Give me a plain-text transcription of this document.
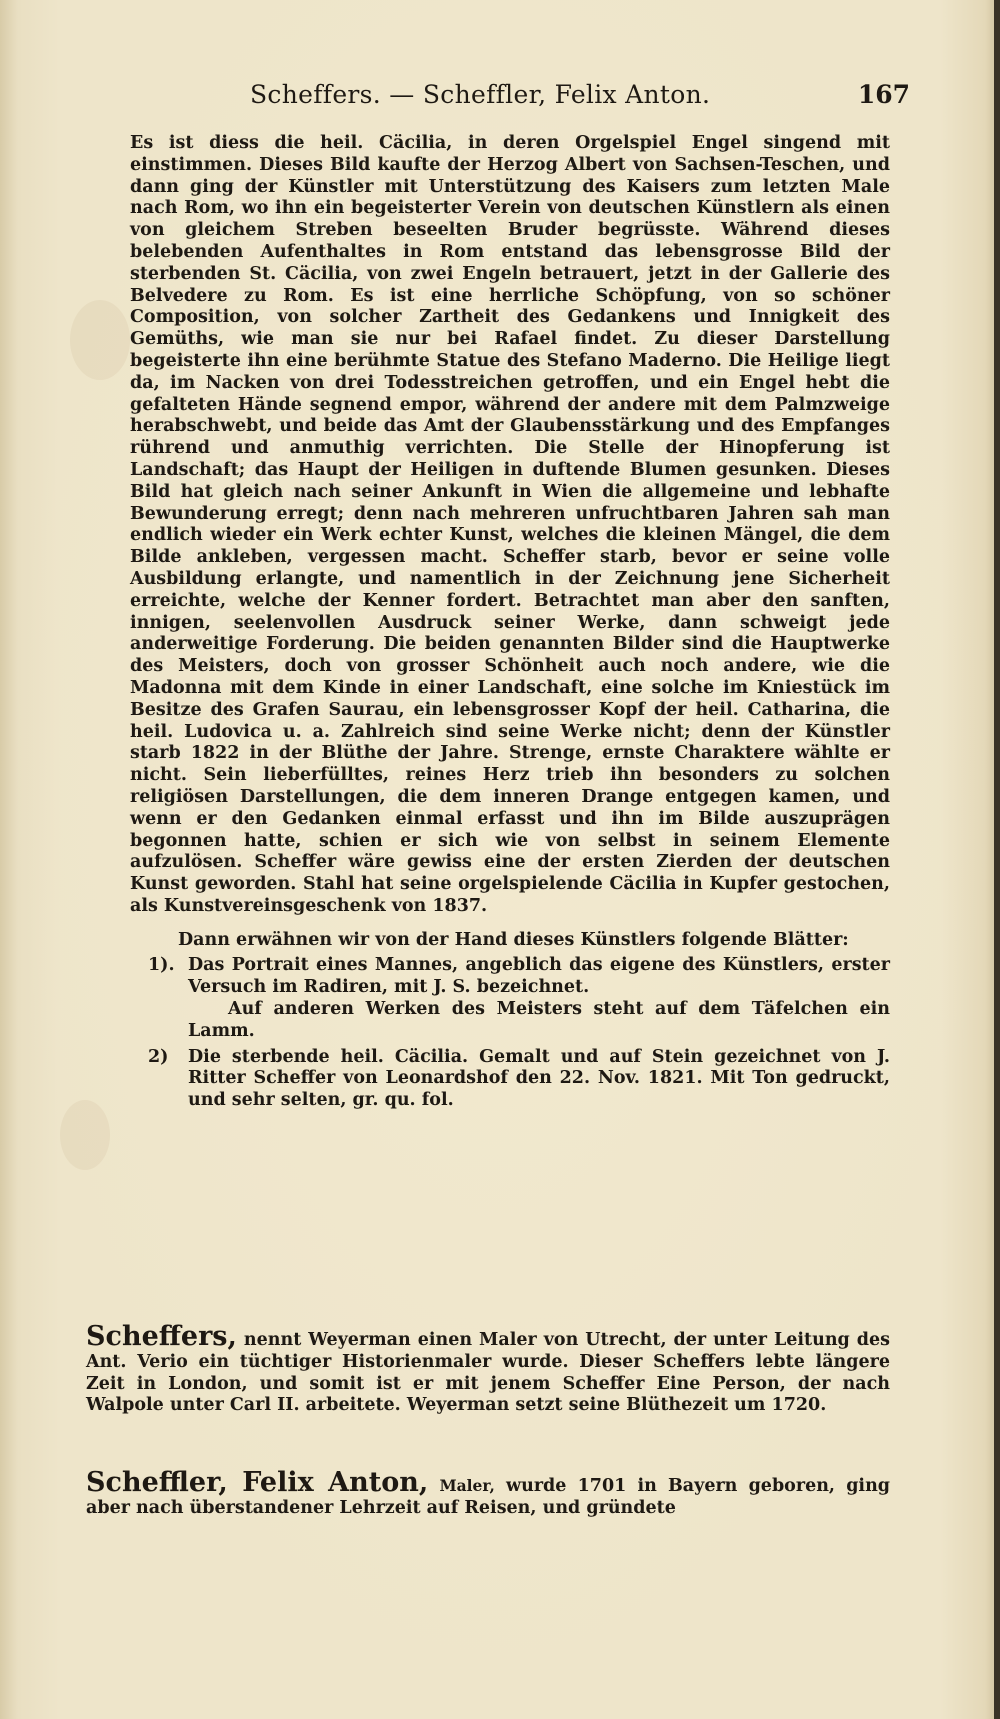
Scheffers. — Scheffler, Felix Anton.	167

Es ist diess die heil. Cäcilia, in deren Orgelspiel Engel singend mit einstimmen. Dieses Bild kaufte der Herzog Albert von Sachsen-Teschen, und dann ging der Künstler mit Unterstützung des Kaisers zum letzten Male nach Rom, wo ihn ein begeisterter Verein von deutschen Künstlern als einen von gleichem Streben beseelten Bruder begrüsste. Während dieses belebenden Aufenthaltes in Rom entstand das lebensgrosse Bild der sterbenden St. Cäcilia, von zwei Engeln betrauert, jetzt in der Gallerie des Belvedere zu Rom. Es ist eine herrliche Schöpfung, von so schöner Composition, von solcher Zartheit des Gedankens und Innigkeit des Gemüths, wie man sie nur bei Rafael findet. Zu dieser Darstellung begeisterte ihn eine berühmte Statue des Stefano Maderno. Die Heilige liegt da, im Nacken von drei Todesstreichen getroffen, und ein Engel hebt die gefalteten Hände segnend empor, während der andere mit dem Palmzweige herabschwebt, und beide das Amt der Glaubensstärkung und des Empfanges rührend und anmuthig verrichten. Die Stelle der Hinopferung ist Landschaft; das Haupt der Heiligen in duftende Blumen gesunken. Dieses Bild hat gleich nach seiner Ankunft in Wien die allgemeine und lebhafte Bewunderung erregt; denn nach mehreren unfruchtbaren Jahren sah man endlich wieder ein Werk echter Kunst, welches die kleinen Mängel, die dem Bilde ankleben, vergessen macht. Scheffer starb, bevor er seine volle Ausbildung erlangte, und namentlich in der Zeichnung jene Sicherheit erreichte, welche der Kenner fordert. Betrachtet man aber den sanften, innigen, seelenvollen Ausdruck seiner Werke, dann schweigt jede anderweitige Forderung. Die beiden genannten Bilder sind die Hauptwerke des Meisters, doch von grosser Schönheit auch noch andere, wie die Madonna mit dem Kinde in einer Landschaft, eine solche im Kniestück im Besitze des Grafen Saurau, ein lebensgrosser Kopf der heil. Catharina, die heil. Ludovica u. a. Zahlreich sind seine Werke nicht; denn der Künstler starb 1822 in der Blüthe der Jahre. Strenge, ernste Charaktere wählte er nicht. Sein lieberfülltes, reines Herz trieb ihn besonders zu solchen religiösen Darstellungen, die dem inneren Drange entgegen kamen, und wenn er den Gedanken einmal erfasst und ihn im Bilde auszuprägen begonnen hatte, schien er sich wie von selbst in seinem Elemente aufzulösen. Scheffer wäre gewiss eine der ersten Zierden der deutschen Kunst geworden. Stahl hat seine orgelspielende Cäcilia in Kupfer gestochen, als Kunstvereinsgeschenk von 1837.

Dann erwähnen wir von der Hand dieses Künstlers folgende Blätter:

1). Das Portrait eines Mannes, angeblich das eigene des Künstlers, erster Versuch im Radiren, mit J. S. bezeichnet.
Auf anderen Werken des Meisters steht auf dem Täfelchen ein Lamm.
2) Die sterbende heil. Cäcilia. Gemalt und auf Stein gezeichnet von J. Ritter Scheffer von Leonardshof den 22. Nov. 1821. Mit Ton gedruckt, und sehr selten, gr. qu. fol.
Scheffers, nennt Weyerman einen Maler von Utrecht, der unter Leitung des Ant. Verio ein tüchtiger Historienmaler wurde. Dieser Scheffers lebte längere Zeit in London, und somit ist er mit jenem Scheffer Eine Person, der nach Walpole unter Carl II. arbeitete. Weyerman setzt seine Blüthezeit um 1720.
Scheffler, Felix Anton, Maler, wurde 1701 in Bayern geboren, ging aber nach überstandener Lehrzeit auf Reisen, und gründete
